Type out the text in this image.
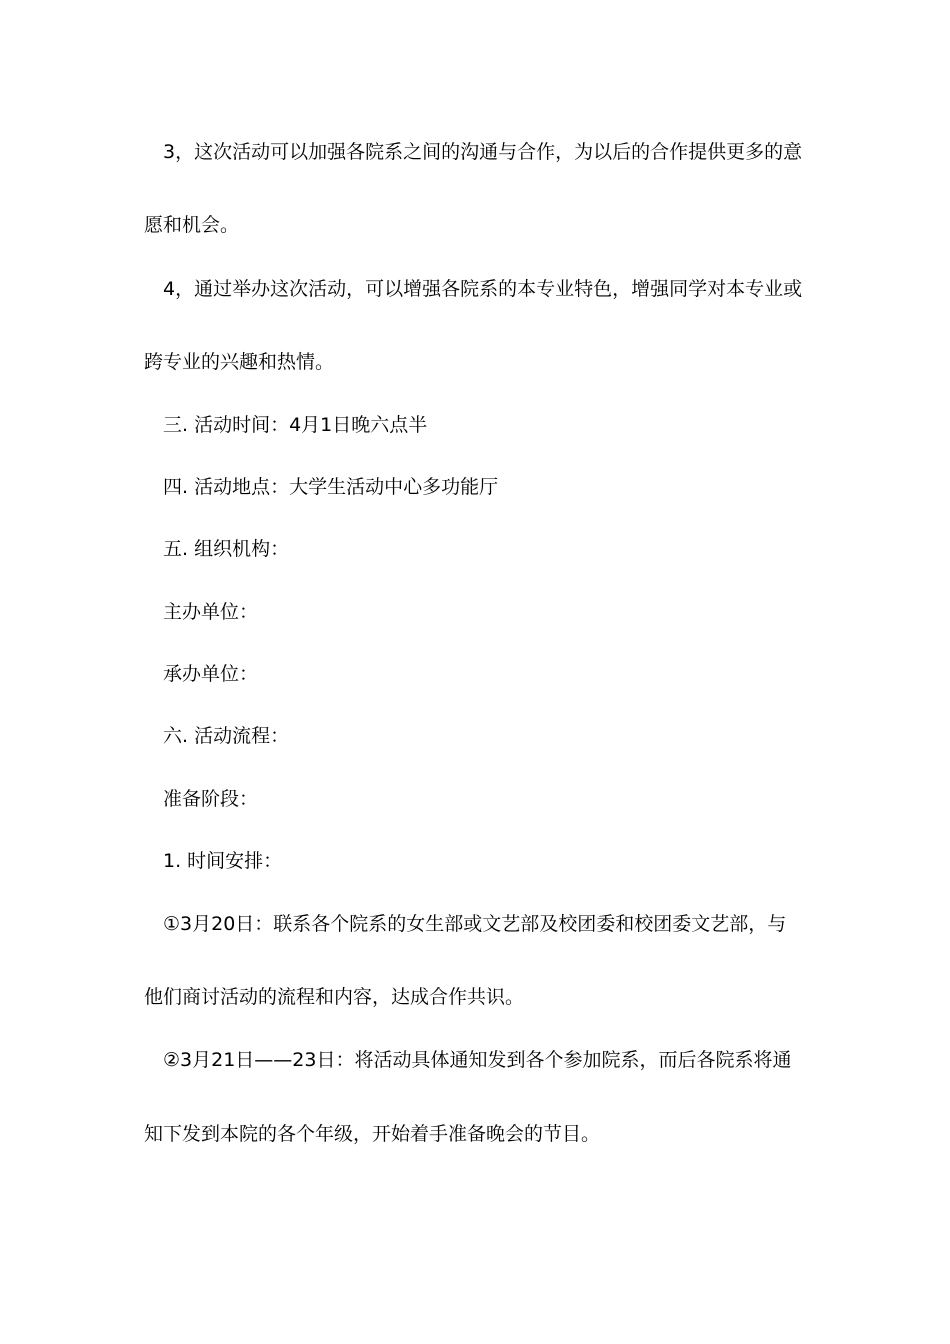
3，这次活动可以加强各院系之间的沟通与合作，为以后的合作提供更多的意
愿和机会。
4，通过举办这次活动，可以增强各院系的本专业特色，增强同学对本专业或
跨专业的兴趣和热情。
三. 活动时间：4月1日晚六点半
四. 活动地点：大学生活动中心多功能厅
五. 组织机构：
主办单位：
承办单位：
六. 活动流程：
准备阶段：
1. 时间安排：
①3月20日：联系各个院系的女生部或文艺部及校团委和校团委文艺部，与
他们商讨活动的流程和内容，达成合作共识。
②3月21日——23日：将活动具体通知发到各个参加院系，而后各院系将通
知下发到本院的各个年级，开始着手准备晚会的节目。
